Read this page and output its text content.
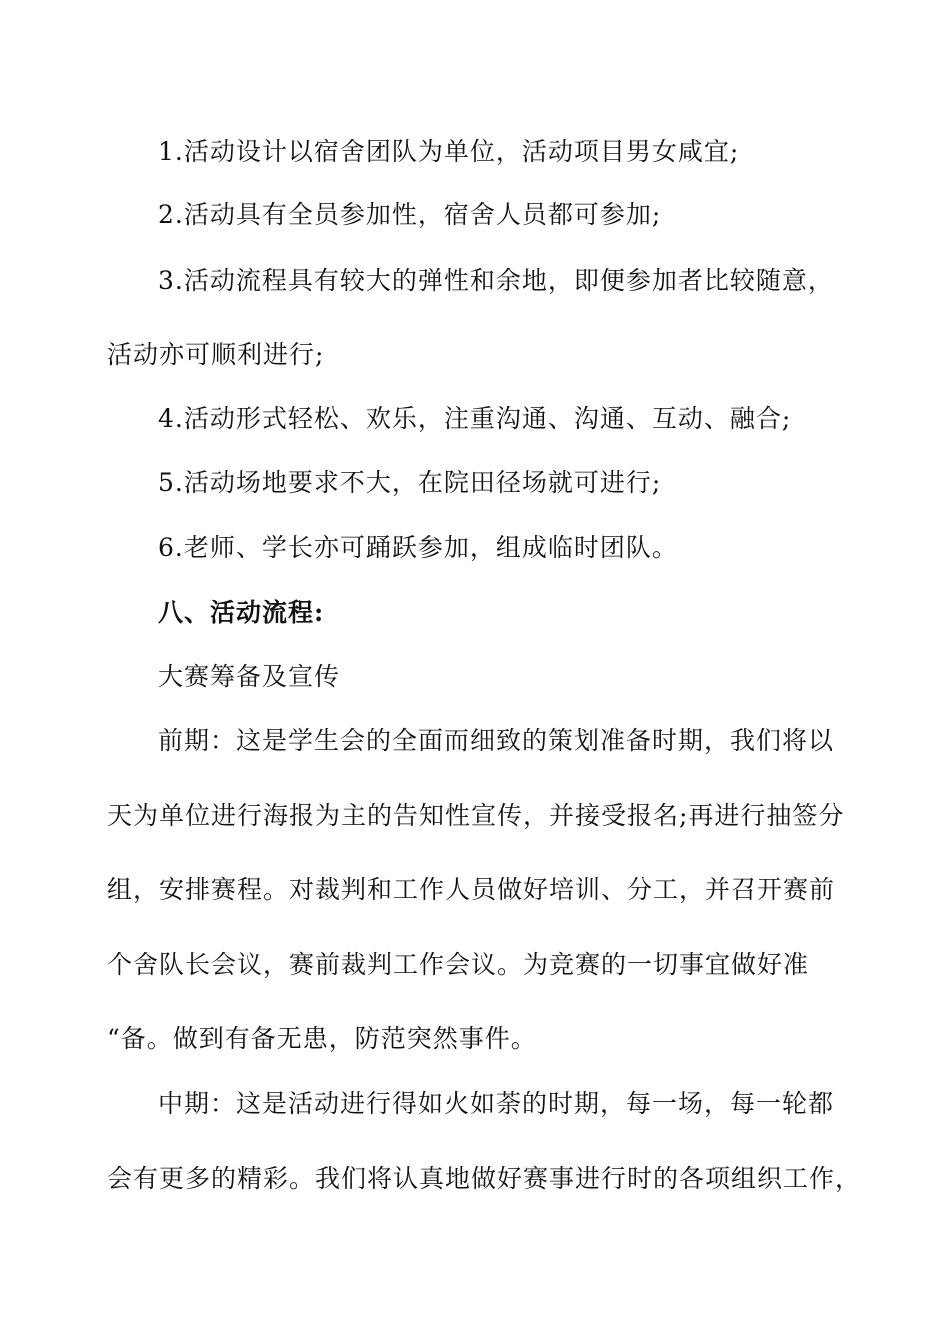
1.活动设计以宿舍团队为单位，活动项目男女咸宜;
2.活动具有全员参加性，宿舍人员都可参加;
3.活动流程具有较大的弹性和余地，即便参加者比较随意，
活动亦可顺利进行;
4.活动形式轻松、欢乐，注重沟通、沟通、互动、融合;
5.活动场地要求不大，在院田径场就可进行;
6.老师、学长亦可踊跃参加，组成临时团队。
八、活动流程:
大赛筹备及宣传
前期：这是学生会的全面而细致的策划准备时期，我们将以
天为单位进行海报为主的告知性宣传，并接受报名;再进行抽签分
组，安排赛程。对裁判和工作人员做好培训、分工，并召开赛前
个舍队长会议，赛前裁判工作会议。为竞赛的一切事宜做好准
“备。做到有备无患，防范突然事件。
中期：这是活动进行得如火如荼的时期，每一场，每一轮都
会有更多的精彩。我们将认真地做好赛事进行时的各项组织工作，
